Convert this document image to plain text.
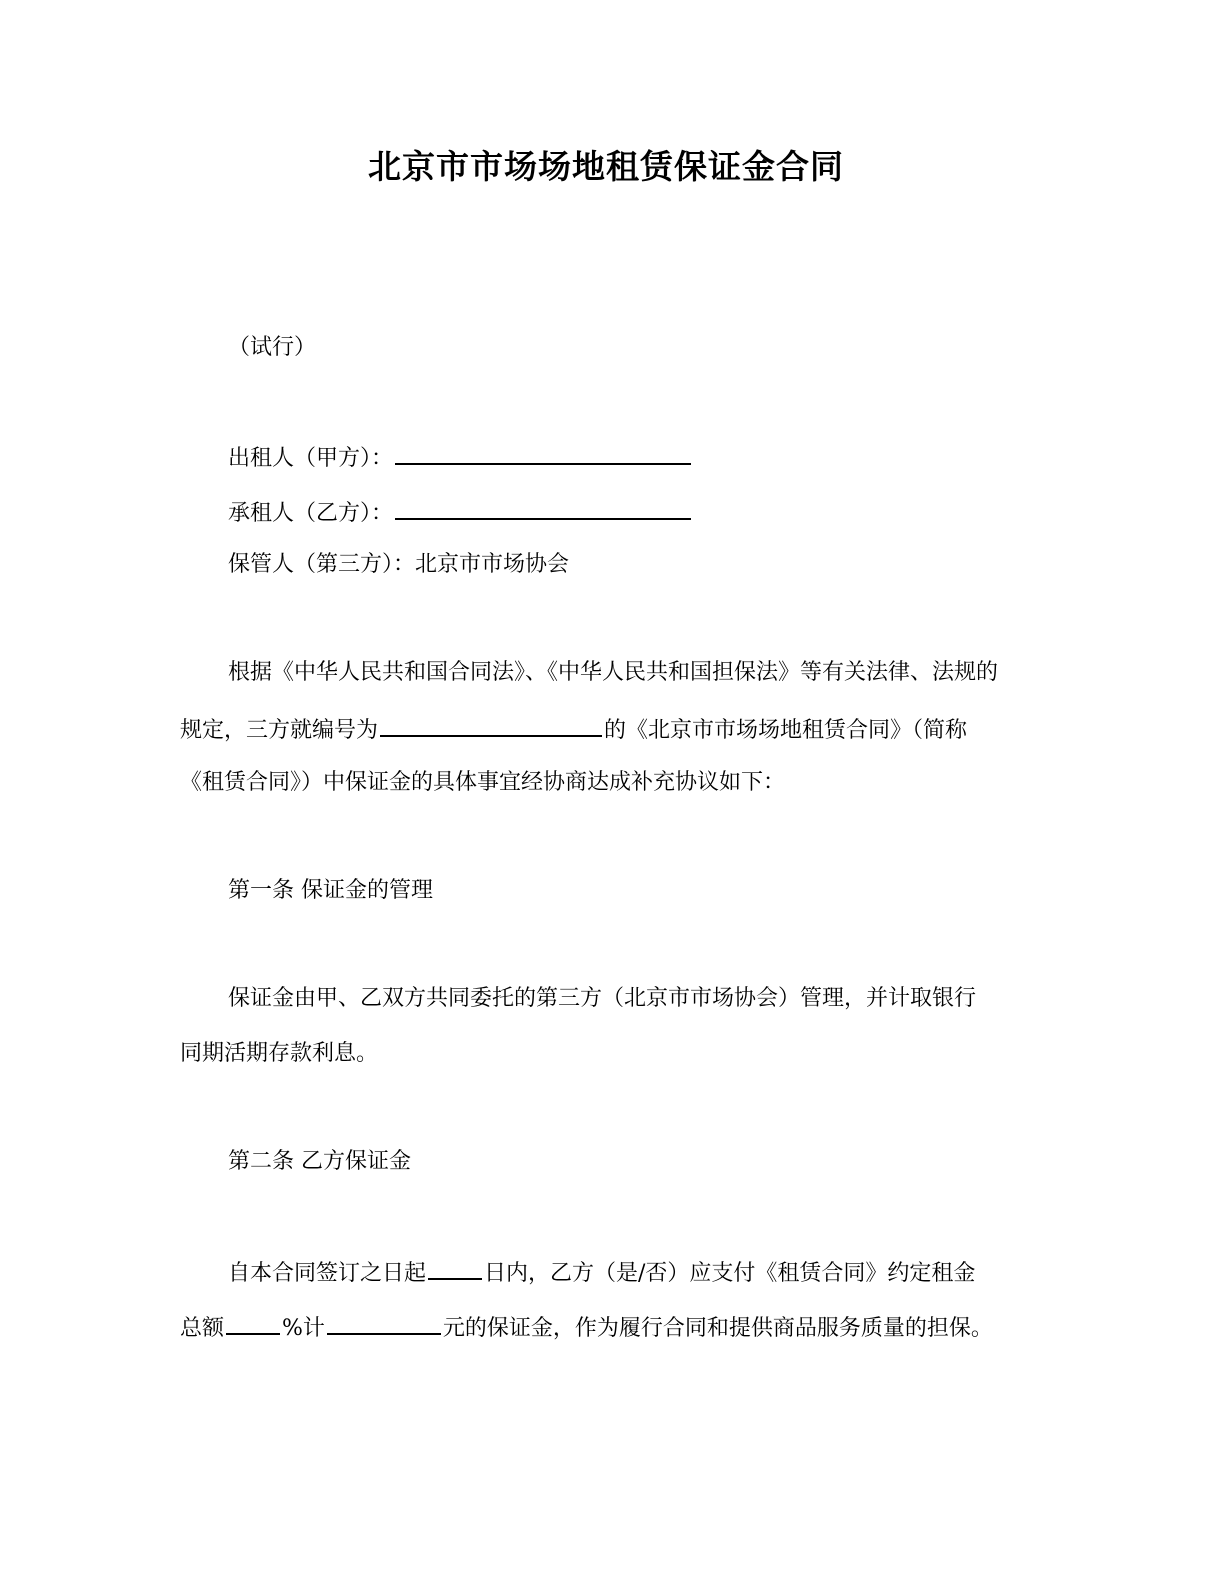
北京市市场场地租赁保证金合同
（试行）
出租人（甲方）：
承租人（乙方）：
保管人（第三方）：北京市市场协会
根据《中华人民共和国合同法》、《中华人民共和国担保法》等有关法律、法规的
规定，三方就编号为	的《北京市市场场地租赁合同》（简称
《租赁合同》）中保证金的具体事宜经协商达成补充协议如下：
第一条 保证金的管理
保证金由甲、乙双方共同委托的第三方（北京市市场协会）管理，并计取银行
同期活期存款利息。
第二条 乙方保证金
自本合同签订之日起	日内，乙方（是/否）应支付《租赁合同》约定租金
总额	%计	元的保证金，作为履行合同和提供商品服务质量的担保。
